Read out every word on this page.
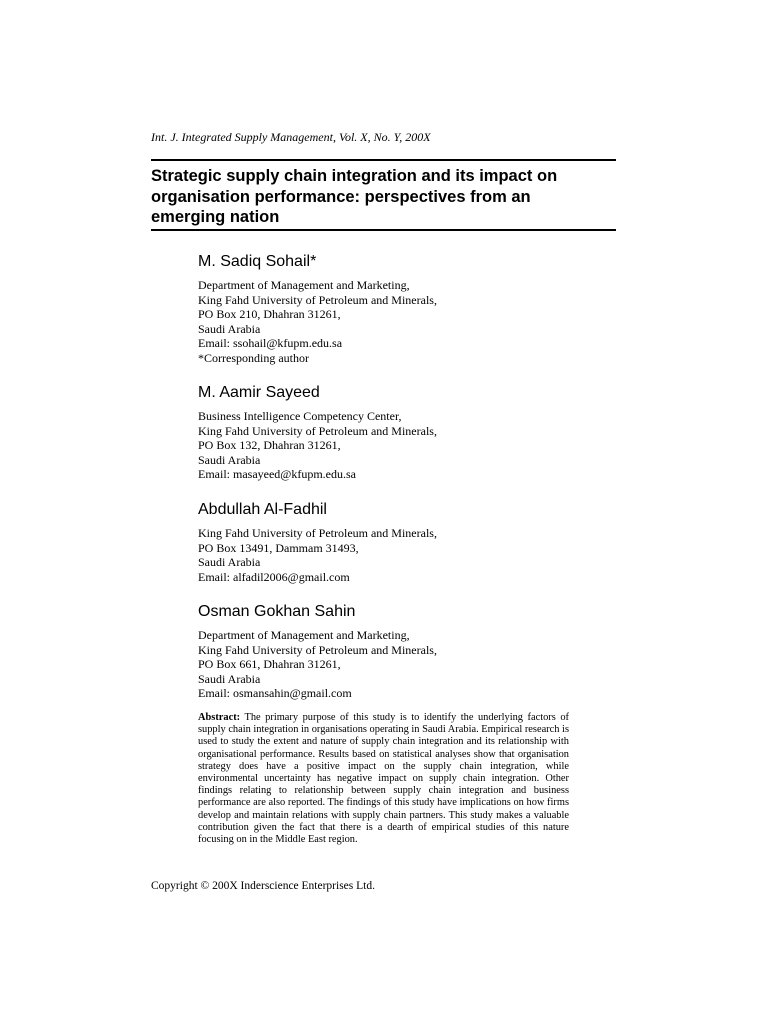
Int. J. Integrated Supply Management, Vol. X, No. Y, 200X
Strategic supply chain integration and its impact on organisation performance: perspectives from an emerging nation
M. Sadiq Sohail*
Department of Management and Marketing,
King Fahd University of Petroleum and Minerals,
PO Box 210, Dhahran 31261,
Saudi Arabia
Email: ssohail@kfupm.edu.sa
*Corresponding author
M. Aamir Sayeed
Business Intelligence Competency Center,
King Fahd University of Petroleum and Minerals,
PO Box 132, Dhahran 31261,
Saudi Arabia
Email: masayeed@kfupm.edu.sa
Abdullah Al-Fadhil
King Fahd University of Petroleum and Minerals,
PO Box 13491, Dammam 31493,
Saudi Arabia
Email: alfadil2006@gmail.com
Osman Gokhan Sahin
Department of Management and Marketing,
King Fahd University of Petroleum and Minerals,
PO Box 661, Dhahran 31261,
Saudi Arabia
Email: osmansahin@gmail.com

Abstract: The primary purpose of this study is to identify the underlying factors of supply chain integration in organisations operating in Saudi Arabia. Empirical research is used to study the extent and nature of supply chain integration and its relationship with organisational performance. Results based on statistical analyses show that organisation strategy does have a positive impact on the supply chain integration, while environmental uncertainty has negative impact on supply chain integration. Other findings relating to relationship between supply chain integration and business performance are also reported. The findings of this study have implications on how firms develop and maintain relations with supply chain partners. This study makes a valuable contribution given the fact that there is a dearth of empirical studies of this nature focusing on in the Middle East region.

Copyright © 200X Inderscience Enterprises Ltd.
